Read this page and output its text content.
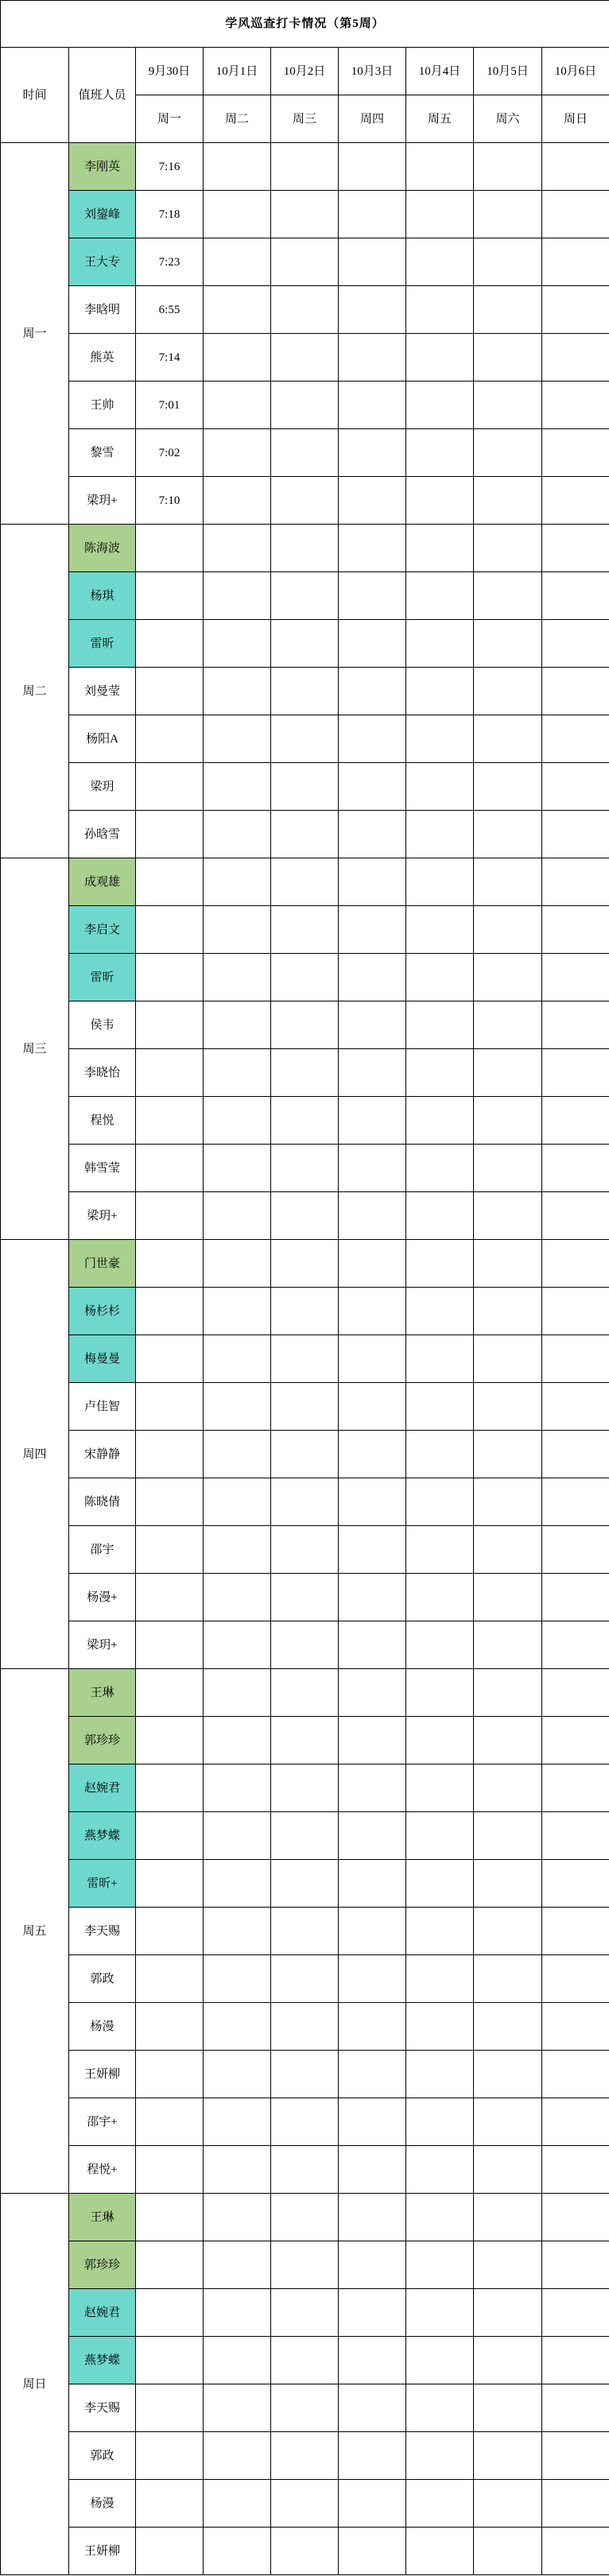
学风巡查打卡情况（第5周）								
时间	值班人员	9月30日	10月1日	10月2日	10月3日	10月4日	10月5日	10月6日
		周一	周二	周三	周四	周五	周六	周日
周一	李刚英	7:16						
	刘鋆峰	7:18						
	王大专	7:23						
	李晗明	6:55						
	熊英	7:14						
	王帅	7:01						
	黎雪	7:02						
	梁玥+	7:10						
周二	陈海波							
	杨琪							
	雷昕							
	刘曼莹							
	杨阳A							
	梁玥							
	孙晗雪							
周三	成观雄							
	李启文							
	雷昕							
	侯韦							
	李晓怡							
	程悦							
	韩雪莹							
	梁玥+							
周四	门世豪							
	杨杉杉							
	梅曼曼							
	卢佳智							
	宋静静							
	陈晓倩							
	邵宇							
	杨漫+							
	梁玥+							
周五	王琳							
	郭珍珍							
	赵婉君							
	燕梦蝶							
	雷昕+							
	李天赐							
	郭政							
	杨漫							
	王妍柳							
	邵宇+							
	程悦+							
周日	王琳							
	郭珍珍							
	赵婉君							
	燕梦蝶							
	李天赐							
	郭政							
	杨漫							
	王妍柳							
